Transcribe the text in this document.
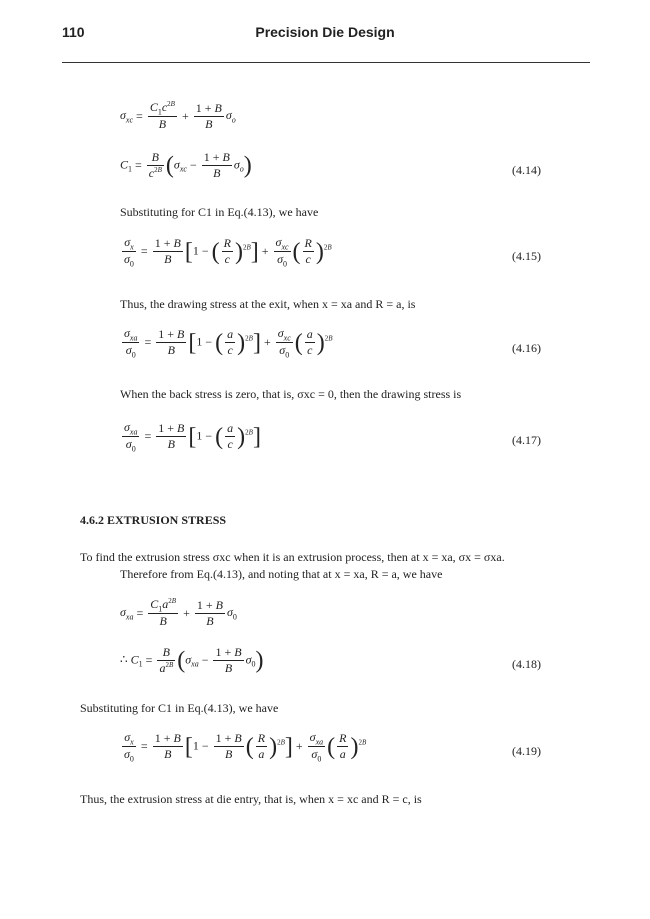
110	Precision Die Design
$\sigma_{xc} = \frac{C_1c^{2B}}{B} + \frac{1 + B}{B} \sigma_o$
$C_1 = \frac{B}{c^{2B}} (\sigma_{xc} - \frac{1 + B}{B} \sigma_o)$	(4.14)
Substituting for C1 in Eq.(4.13), we have
$\frac{\sigma_x}{\sigma_0} = \frac{1 + B}{B} [1$ − ( $\frac{R}{c} )^{2B}$] +
$\sigma_{xc}$
$\sigma_0$ ( $\frac{R}{c} )^{2B}$
(4.15)
Thus, the drawing stress at the exit, when x = xa and R = a, is
$\sigma_{xa}$
$\sigma_0$
= $\frac{1 + B}{B} [1$ − ( $\frac{a}{c} )^{2B}$] +
$\sigma_{xc}$
$\sigma_0$ ( $\frac{a}{c} )^{2B}$
(4.16)
When the back stress is zero, that is, σxc = 0, then the drawing stress is
$\sigma_{xa}$
$\sigma_0$
= $\frac{1 + B}{B} [1$ − ( $\frac{a}{c} )^{2B}$]	(4.17)
4.6.2 EXTRUSION STRESS
To find the extrusion stress σxc when it is an extrusion process, then at x = xa, σx = σxa.
Therefore from Eq.(4.13), and noting that at x = xa, R = a, we have
$\sigma_{xa} = \frac{C_1a^{2B}}{B} + \frac{1 + B}{B} \sigma_0$
∴ $C_1 = \frac{B}{a^{2B}} (\sigma_{xa} - \frac{1 + B}{B} \sigma_0)$	(4.18)
Substituting for C1 in Eq.(4.13), we have
$\frac{\sigma_x}{\sigma_0} = \frac{1 + B}{B} [1 - \frac{1 + B}{B}$ ( $\frac{R}{a} )^{2B}$] +
$\sigma_{xa}$
$\sigma_0$ ( $\frac{R}{a} )^{2B}$
(4.19)
Thus, the extrusion stress at die entry, that is, when x = xc and R = c, is
